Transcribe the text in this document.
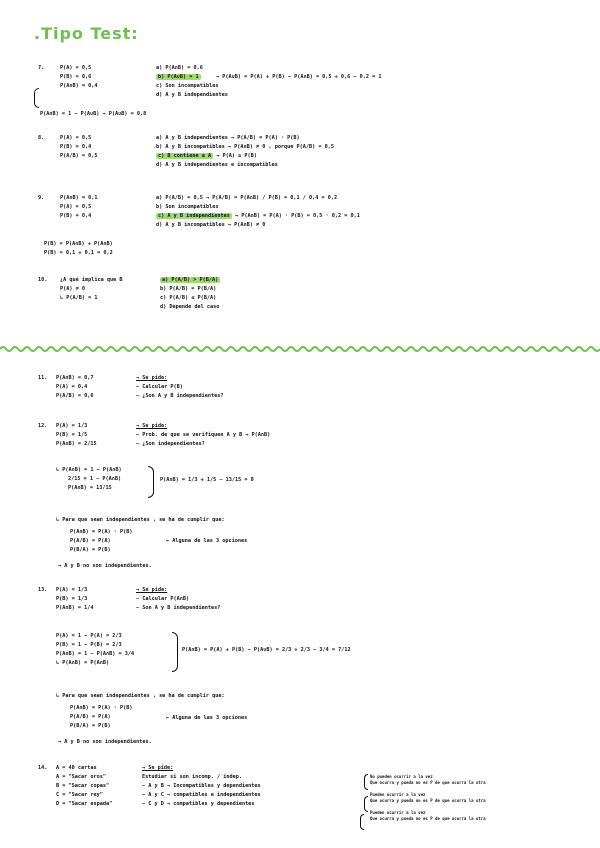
.Tipo Test:
7.	P(A) = 0,5
P(B) = 0,6
P(A∩B) = 0,4
a) P(A∩B) = 0,6
b) P(A∪B) = 1
c) Son incompatibles
d) A y B independientes
→ P(A∪B) = P(A) + P(B) − P(A∩B) = 0,5 + 0,6 − 0,2 = 1
P(A∩B) = 1 − P(A∪B) → P(A∪B) = 0,8
8.	P(A) = 0,5
P(B) = 0,4
P(A/B) = 0,5
a) A y B independientes → P(A/B) = P(A) · P(B)
b) A y B incompatibles → P(A∩B) ≠ 0 , porque P(A/B) = 0,5
c) B contiene a A → P(A) ≥ P(B)
d) A y B independientes e incompatibles
9.	P(A∩B) = 0,1
P(A) = 0,5
P(B) = 0,4
a) P(A/B) = 0,5 → P(A/B) = P(A∩B) / P(B) = 0,1 / 0,4 = 0,2
b) Son incompatibles
c) A y B independientes → P(A∩B) = P(A) · P(B) = 0,5 · 0,2 = 0,1
d) A y B incompatibles → P(A∩B) ≠ 0
P(B) = P(A∩B) + P(A∩B)
P(B) = 0,1 + 0,1 = 0,2
10. ¿A qué implica que B
P(A) ≠ 0
↳ P(A/B) = 1
a) P(A/B) > P(B/A)
b) P(A/B) = P(B/A)
c) P(A/B) ≤ P(B/A)
d) Depende del caso
11. P(A∩B) = 0,7
P(A) = 0,4
P(A/B) = 0,6
→ Se pide:
− Calcular P(B)
− ¿Son A y B independientes?
12. P(A) = 1/3
P(B) = 1/5
P(A∩B) = 2/15
→ Se pide:
− Prob. de que se verifiquen A y B → P(A∩B)
− ¿Son independientes?
↳ P(A∩B) = 1 − P(A∩B)
2/15 = 1 − P(A∩B)
P(A∩B) = 13/15
P(A∩B) = 1/3 + 1/5 − 13/15 = 0
↳ Para que sean independientes , se ha de cumplir que:
P(A∩B) = P(A) · P(B)
P(A/B) = P(A)
P(B/A) = P(B)
← Alguna de las 3 opciones
→ A y B no son independientes.
13. P(A) = 1/3
P(B) = 1/3
P(A∩B) = 1/4
→ Se pide:
− Calcular P(A∩B)
− Son A y B independientes?
P(A) = 1 − P(A) = 2/3
P(B) = 1 − P(B) = 2/3
P(A∩B) = 1 − P(A∩B) = 3/4
↳ P(A∩B) = P(A∩B)
P(A∩B) = P(A) + P(B) − P(A∪B) = 2/3 + 2/3 − 3/4 = 7/12
↳ Para que sean independientes , se ha de cumplir que:
P(A∩B) = P(A) · P(B)
P(A/B) = P(A)
P(B/A) = P(B)
← Alguna de las 3 opciones
→ A y B no son independientes.
14. A = 40 cartas
A = "Sacar oros"
B = "Sacar copas"
C = "Sacar rey"
D = "Sacar espada"
→ Se pide:
Estudiar si son incomp. / indep.
− A y B → Incompatibles y dependientes
− A y C → compatibles e independientes
− C y D → compatibles y dependientes
No pueden ocurrir a la vez
Que ocurra y pueda no es P de que ocurra la otra
Pueden ocurrir a la vez
Que ocurra y pueda no es P de que ocurra la otra
Pueden ocurrir a la vez
Que ocurra y pueda no es P de que ocurra la otra
